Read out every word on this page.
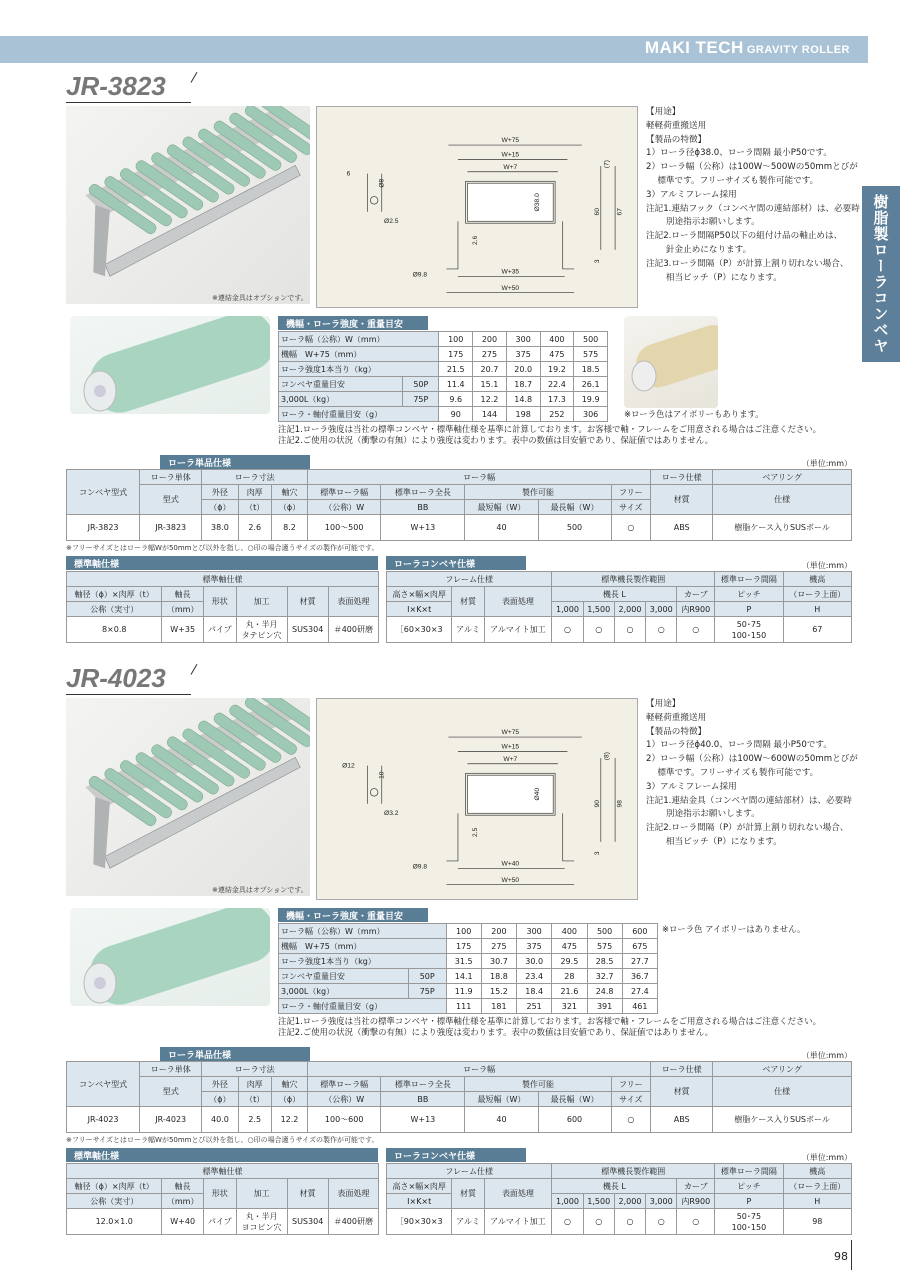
MAKI TECH GRAVITY ROLLER
樹脂製ローラコンベヤ
JR-3823
※連結金具はオプションです。
W+75
W+15
W+7
W+35
W+50
6
Ø8
Ø2.5
2.6
Ø38.0
(7)
60 67
3
Ø9.8

【用途】

軽軽荷重搬送用

【製品の特徴】

1）ローラ径ϕ38.0、ローラ間隔 最小P50です。

2）ローラ幅（公称）は100W～500Wの50mmとびが

　 標準です。フリーサイズも製作可能です。

3）アルミフレーム採用

注記1.連結フック（コンベヤ間の連結部材）は、必要時

　　 別途指示お願いします。

注記2.ローラ間隔P50以下の組付け品の軸止めは、

　　 針金止めになります。

注記3.ローラ間隔（P）が計算上割り切れない場合、

　　 相当ピッチ（P）になります。

機幅・ローラ強度・重量目安
ローラ幅（公称）W（mm）		100	200	300	400	500
機幅　W+75（mm）		175	275	375	475	575
ローラ強度1本当り（kg）		21.5	20.7	20.0	19.2	18.5
コンベヤ重量目安	50P	11.4	15.1	18.7	22.4	26.1
3,000L（kg）	75P	9.6	12.2	14.8	17.3	19.9
ローラ・軸付重量目安（g）		90	144	198	252	306	※ローラ色はアイボリーもあります。
注記1.ローラ強度は当社の標準コンベヤ・標準軸仕様を基準に計算しております。お客様で軸・フレームをご用意される場合はご注意ください。
注記2.ご使用の状況（衝撃の有無）により強度は変わります。表中の数値は目安値であり、保証値ではありません。
ローラ単品仕様	（単位:mm）
コンベヤ型式	ローラ単体	ローラ寸法			ローラ幅					ローラ仕様	ベアリング
	型式	外径	肉厚	軸穴	標準ローラ幅	標準ローラ全長	製作可能		フリー	材質	仕様
		（ϕ）	（t）	（ϕ）	（公称）W	BB	最短幅（W）	最長幅（W）	サイズ		
JR-3823	JR-3823	38.0	2.6	8.2	100～500	W+13	40	500	○	ABS	樹脂ケース入りSUSボール
※フリーサイズとはローラ幅Wが50mmとび以外を指し、○印の場合適うサイズの製作が可能です。
標準軸仕様
標準軸仕様					
軸径（ϕ）×肉厚（t）	軸長	形状	加工	材質	表面処理
公称（実寸）	（mm）				
8×0.8	W+35	パイプ	丸・半月
タテピン穴	SUS304	＃400研磨
ローラコンベヤ仕様	（単位:mm）
フレーム仕様			標準機長製作範囲					標準ローラ間隔	機高
高さ×幅×肉厚	材質	表面処理	機長 L				カーブ	ピッチ	（ローラ上面）
I×K×t			1,000	1,500	2,000	3,000	内R900	P	H
［60×30×3	アルミ	アルマイト加工	○	○	○	○	○	50･75
100･150	67
JR-4023
※連結金具はオプションです。
W+75
W+15
W+7
W+40
W+50
Ø12
10
Ø3.2
2.5
Ø40
(8)
90 98
3
Ø9.8

【用途】

軽軽荷重搬送用

【製品の特徴】

1）ローラ径ϕ40.0、ローラ間隔 最小P50です。

2）ローラ幅（公称）は100W～600Wの50mmとびが

　 標準です。フリーサイズも製作可能です。

3）アルミフレーム採用

注記1.連結金具（コンベヤ間の連結部材）は、必要時

　　 別途指示お願いします。

注記2.ローラ間隔（P）が計算上割り切れない場合、

　　 相当ピッチ（P）になります。

機幅・ローラ強度・重量目安
ローラ幅（公称）W（mm）		100	200	300	400	500	600
機幅　W+75（mm）		175	275	375	475	575	675
ローラ強度1本当り（kg）		31.5	30.7	30.0	29.5	28.5	27.7
コンベヤ重量目安	50P	14.1	18.8	23.4	28	32.7	36.7
3,000L（kg）	75P	11.9	15.2	18.4	21.6	24.8	27.4
ローラ・軸付重量目安（g）		111	181	251	321	391	461
※ローラ色 アイボリーはありません。
注記1.ローラ強度は当社の標準コンベヤ・標準軸仕様を基準に計算しております。お客様で軸・フレームをご用意される場合はご注意ください。
注記2.ご使用の状況（衝撃の有無）により強度は変わります。表中の数値は目安値であり、保証値ではありません。
ローラ単品仕様	（単位:mm）
コンベヤ型式	ローラ単体	ローラ寸法			ローラ幅					ローラ仕様	ベアリング
	型式	外径	肉厚	軸穴	標準ローラ幅	標準ローラ全長	製作可能		フリー	材質	仕様
		（ϕ）	（t）	（ϕ）	（公称）W	BB	最短幅（W）	最長幅（W）	サイズ		
JR-4023	JR-4023	40.0	2.5	12.2	100～600	W+13	40	600	○	ABS	樹脂ケース入りSUSボール
※フリーサイズとはローラ幅Wが50mmとび以外を指し、○印の場合適うサイズの製作が可能です。
標準軸仕様
標準軸仕様					
軸径（ϕ）×肉厚（t）	軸長	形状	加工	材質	表面処理
公称（実寸）	（mm）				
12.0×1.0	W+40	パイプ	丸・半月
ヨコピン穴	SUS304	＃400研磨
ローラコンベヤ仕様	（単位:mm）
フレーム仕様			標準機長製作範囲					標準ローラ間隔	機高
高さ×幅×肉厚	材質	表面処理	機長 L				カーブ	ピッチ	（ローラ上面）
I×K×t			1,000	1,500	2,000	3,000	内R900	P	H
［90×30×3	アルミ	アルマイト加工	○	○	○	○	○	50･75
100･150	98
98
